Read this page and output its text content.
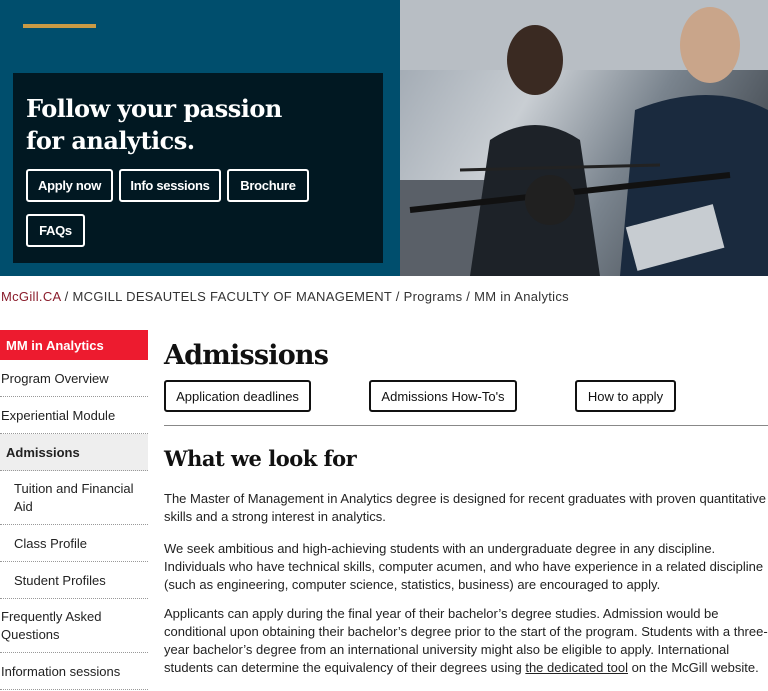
Follow your passion for analytics.
Apply now	Info sessions	Brochure
FAQs
McGill.CA / MCGILL DESAUTELS FACULTY OF MANAGEMENT / Programs / MM in Analytics
MM in Analytics
Program Overview
Experiential Module
Admissions
Tuition and Financial Aid
Class Profile
Student Profiles
Frequently Asked Questions
Information sessions
Admissions
Application deadlines	Admissions How-To's	How to apply
What we look for

The Master of Management in Analytics degree is designed for recent graduates with proven quantitative skills and a strong interest in analytics.

We seek ambitious and high-achieving students with an undergraduate degree in any discipline. Individuals who have technical skills, computer acumen, and who have experience in a related discipline (such as engineering, computer science, statistics, business) are encouraged to apply.

Applicants can apply during the final year of their bachelor’s degree studies. Admission would be conditional upon obtaining their bachelor’s degree prior to the start of the program. Students with a three-year bachelor’s degree from an international university might also be eligible to apply. International students can determine the equivalency of their degrees using the dedicated tool on the McGill website.
